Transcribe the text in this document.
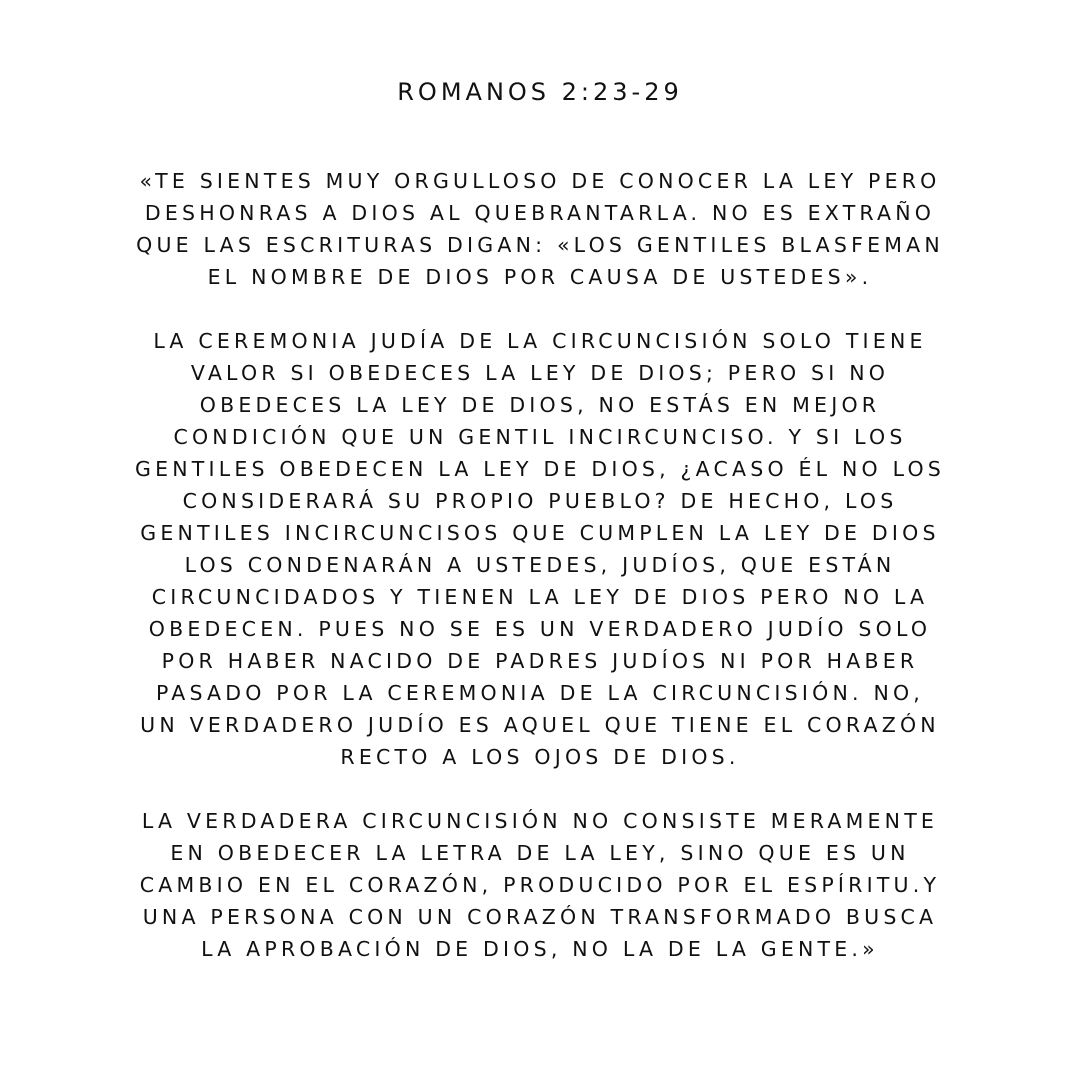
ROMANOS 2:23-29

«TE SIENTES MUY ORGULLOSO DE CONOCER LA LEY PERO
DESHONRAS A DIOS AL QUEBRANTARLA. NO ES EXTRAÑO
QUE LAS ESCRITURAS DIGAN: «LOS GENTILES BLASFEMAN
EL NOMBRE DE DIOS POR CAUSA DE USTEDES».

LA CEREMONIA JUDÍA DE LA CIRCUNCISIÓN SOLO TIENE
VALOR SI OBEDECES LA LEY DE DIOS; PERO SI NO
OBEDECES LA LEY DE DIOS, NO ESTÁS EN MEJOR
CONDICIÓN QUE UN GENTIL INCIRCUNCISO. Y SI LOS
GENTILES OBEDECEN LA LEY DE DIOS, ¿ACASO ÉL NO LOS
CONSIDERARÁ SU PROPIO PUEBLO? DE HECHO, LOS
GENTILES INCIRCUNCISOS QUE CUMPLEN LA LEY DE DIOS
LOS CONDENARÁN A USTEDES, JUDÍOS, QUE ESTÁN
CIRCUNCIDADOS Y TIENEN LA LEY DE DIOS PERO NO LA
OBEDECEN. PUES NO SE ES UN VERDADERO JUDÍO SOLO
POR HABER NACIDO DE PADRES JUDÍOS NI POR HABER
PASADO POR LA CEREMONIA DE LA CIRCUNCISIÓN. NO,
UN VERDADERO JUDÍO ES AQUEL QUE TIENE EL CORAZÓN
RECTO A LOS OJOS DE DIOS.

LA VERDADERA CIRCUNCISIÓN NO CONSISTE MERAMENTE
EN OBEDECER LA LETRA DE LA LEY, SINO QUE ES UN
CAMBIO EN EL CORAZÓN, PRODUCIDO POR EL ESPÍRITU.Y
UNA PERSONA CON UN CORAZÓN TRANSFORMADO BUSCA
LA APROBACIÓN DE DIOS, NO LA DE LA GENTE.»
